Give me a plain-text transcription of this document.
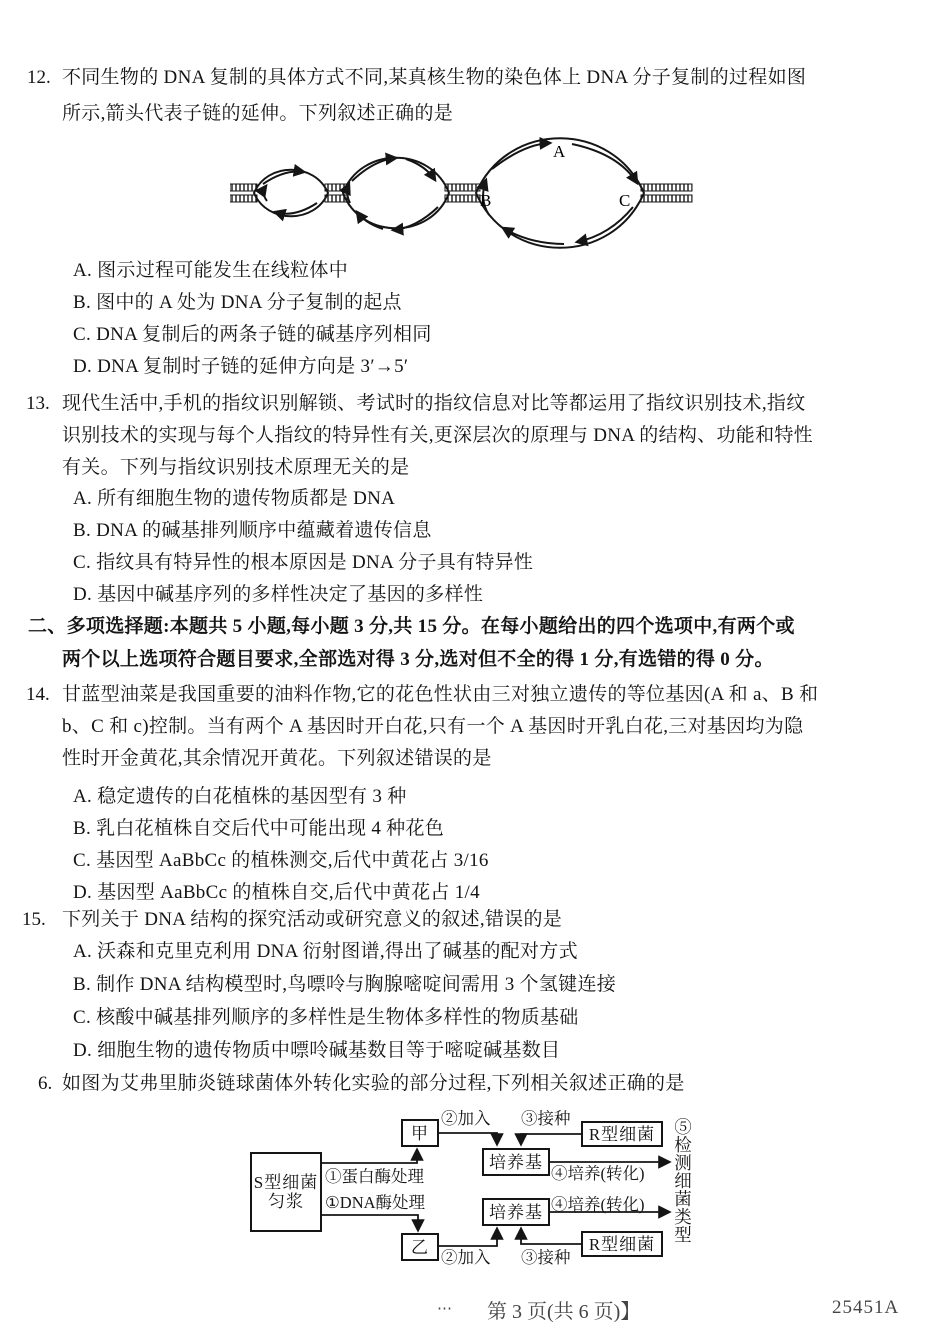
12. 不同生物的 DNA 复制的具体方式不同,某真核生物的染色体上 DNA 分子复制的过程如图
所示,箭头代表子链的延伸。下列叙述正确的是
A
B	C
A. 图示过程可能发生在线粒体中
B. 图中的 A 处为 DNA 分子复制的起点
C. DNA 复制后的两条子链的碱基序列相同
D. DNA 复制时子链的延伸方向是 3′→5′
13. 现代生活中,手机的指纹识别解锁、考试时的指纹信息对比等都运用了指纹识别技术,指纹
识别技术的实现与每个人指纹的特异性有关,更深层次的原理与 DNA 的结构、功能和特性
有关。下列与指纹识别技术原理无关的是
A. 所有细胞生物的遗传物质都是 DNA
B. DNA 的碱基排列顺序中蕴藏着遗传信息
C. 指纹具有特异性的根本原因是 DNA 分子具有特异性
D. 基因中碱基序列的多样性决定了基因的多样性
二、多项选择题:本题共 5 小题,每小题 3 分,共 15 分。在每小题给出的四个选项中,有两个或
两个以上选项符合题目要求,全部选对得 3 分,选对但不全的得 1 分,有选错的得 0 分。
14. 甘蓝型油菜是我国重要的油料作物,它的花色性状由三对独立遗传的等位基因(A 和 a、B 和
b、C 和 c)控制。当有两个 A 基因时开白花,只有一个 A 基因时开乳白花,三对基因均为隐
性时开金黄花,其余情况开黄花。下列叙述错误的是
A. 稳定遗传的白花植株的基因型有 3 种
B. 乳白花植株自交后代中可能出现 4 种花色
C. 基因型 AaBbCc 的植株测交,后代中黄花占 3/16
D. 基因型 AaBbCc 的植株自交,后代中黄花占 1/4
15. 下列关于 DNA 结构的探究活动或研究意义的叙述,错误的是
A. 沃森和克里克利用 DNA 衍射图谱,得出了碱基的配对方式
B. 制作 DNA 结构模型时,鸟嘌呤与胸腺嘧啶间需用 3 个氢键连接
C. 核酸中碱基排列顺序的多样性是生物体多样性的物质基础
D. 细胞生物的遗传物质中嘌呤碱基数目等于嘧啶碱基数目
6. 如图为艾弗里肺炎链球菌体外转化实验的部分过程,下列相关叙述正确的是
S型细菌
匀浆
甲
乙
培养基
培养基
R型细菌
R型细菌
①蛋白酶处理
①DNA酶处理
②加入 ③接种
④培养(转化)
②加入 ③接种
④培养(转化)
⑤检测细菌类型
⋯ 第 3 页(共 6 页)】	25451A
